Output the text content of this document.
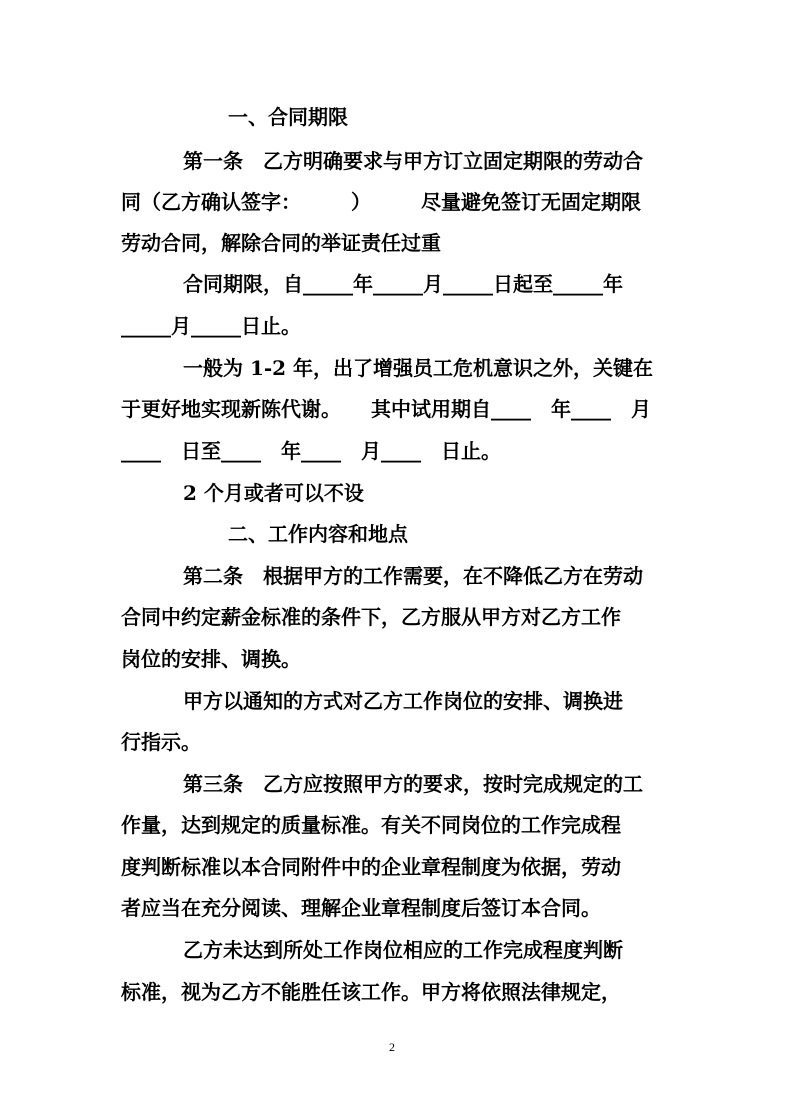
一、合同期限
第一条　乙方明确要求与甲方订立固定期限的劳动合
同（乙方确认签字：　　　）　　　尽量避免签订无固定期限
劳动合同，解除合同的举证责任过重
合同期限，自_____年_____月_____日起至_____年
_____月_____日止。
一般为 1-2 年，出了增强员工危机意识之外，关键在
于更好地实现新陈代谢。　　其中试用期自____　年____　月
____　日至____　年____　月____　日止。
2 个月或者可以不设
二、工作内容和地点
第二条　根据甲方的工作需要，在不降低乙方在劳动
合同中约定薪金标准的条件下，乙方服从甲方对乙方工作
岗位的安排、调换。
甲方以通知的方式对乙方工作岗位的安排、调换进
行指示。
第三条　乙方应按照甲方的要求，按时完成规定的工
作量，达到规定的质量标准。有关不同岗位的工作完成程
度判断标准以本合同附件中的企业章程制度为依据，劳动
者应当在充分阅读、理解企业章程制度后签订本合同。
乙方未达到所处工作岗位相应的工作完成程度判断
标准，视为乙方不能胜任该工作。甲方将依照法律规定，
2
